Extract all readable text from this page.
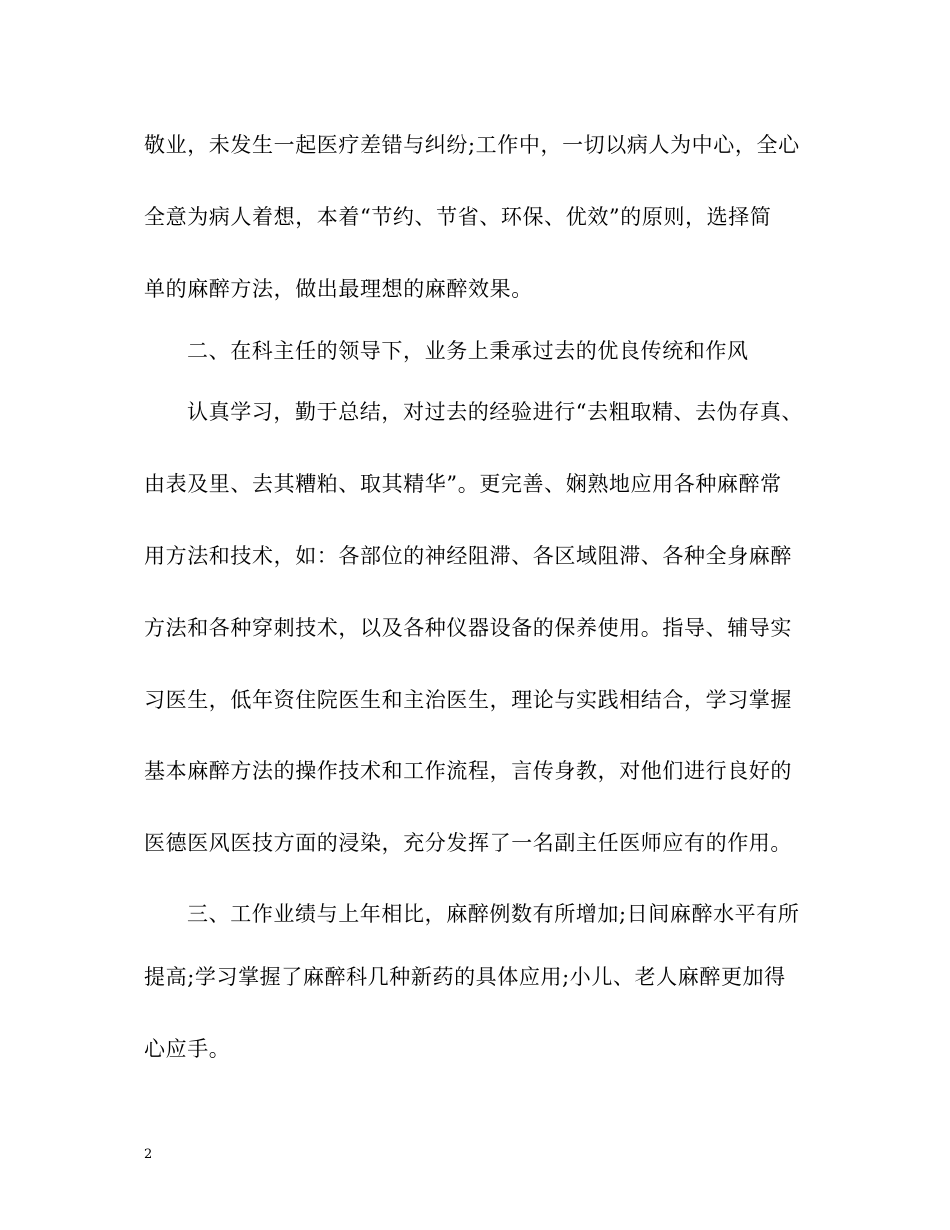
敬业，未发生一起医疗差错与纠纷;工作中，一切以病人为中心，全心
全意为病人着想，本着“节约、节省、环保、优效”的原则，选择简
单的麻醉方法，做出最理想的麻醉效果。
二、在科主任的领导下，业务上秉承过去的优良传统和作风
认真学习，勤于总结，对过去的经验进行“去粗取精、去伪存真、
由表及里、去其糟粕、取其精华”。更完善、娴熟地应用各种麻醉常
用方法和技术，如：各部位的神经阻滞、各区域阻滞、各种全身麻醉
方法和各种穿刺技术，以及各种仪器设备的保养使用。指导、辅导实
习医生，低年资住院医生和主治医生，理论与实践相结合，学习掌握
基本麻醉方法的操作技术和工作流程，言传身教，对他们进行良好的
医德医风医技方面的浸染，充分发挥了一名副主任医师应有的作用。
三、工作业绩与上年相比，麻醉例数有所增加;日间麻醉水平有所
提高;学习掌握了麻醉科几种新药的具体应用;小儿、老人麻醉更加得
心应手。
2
